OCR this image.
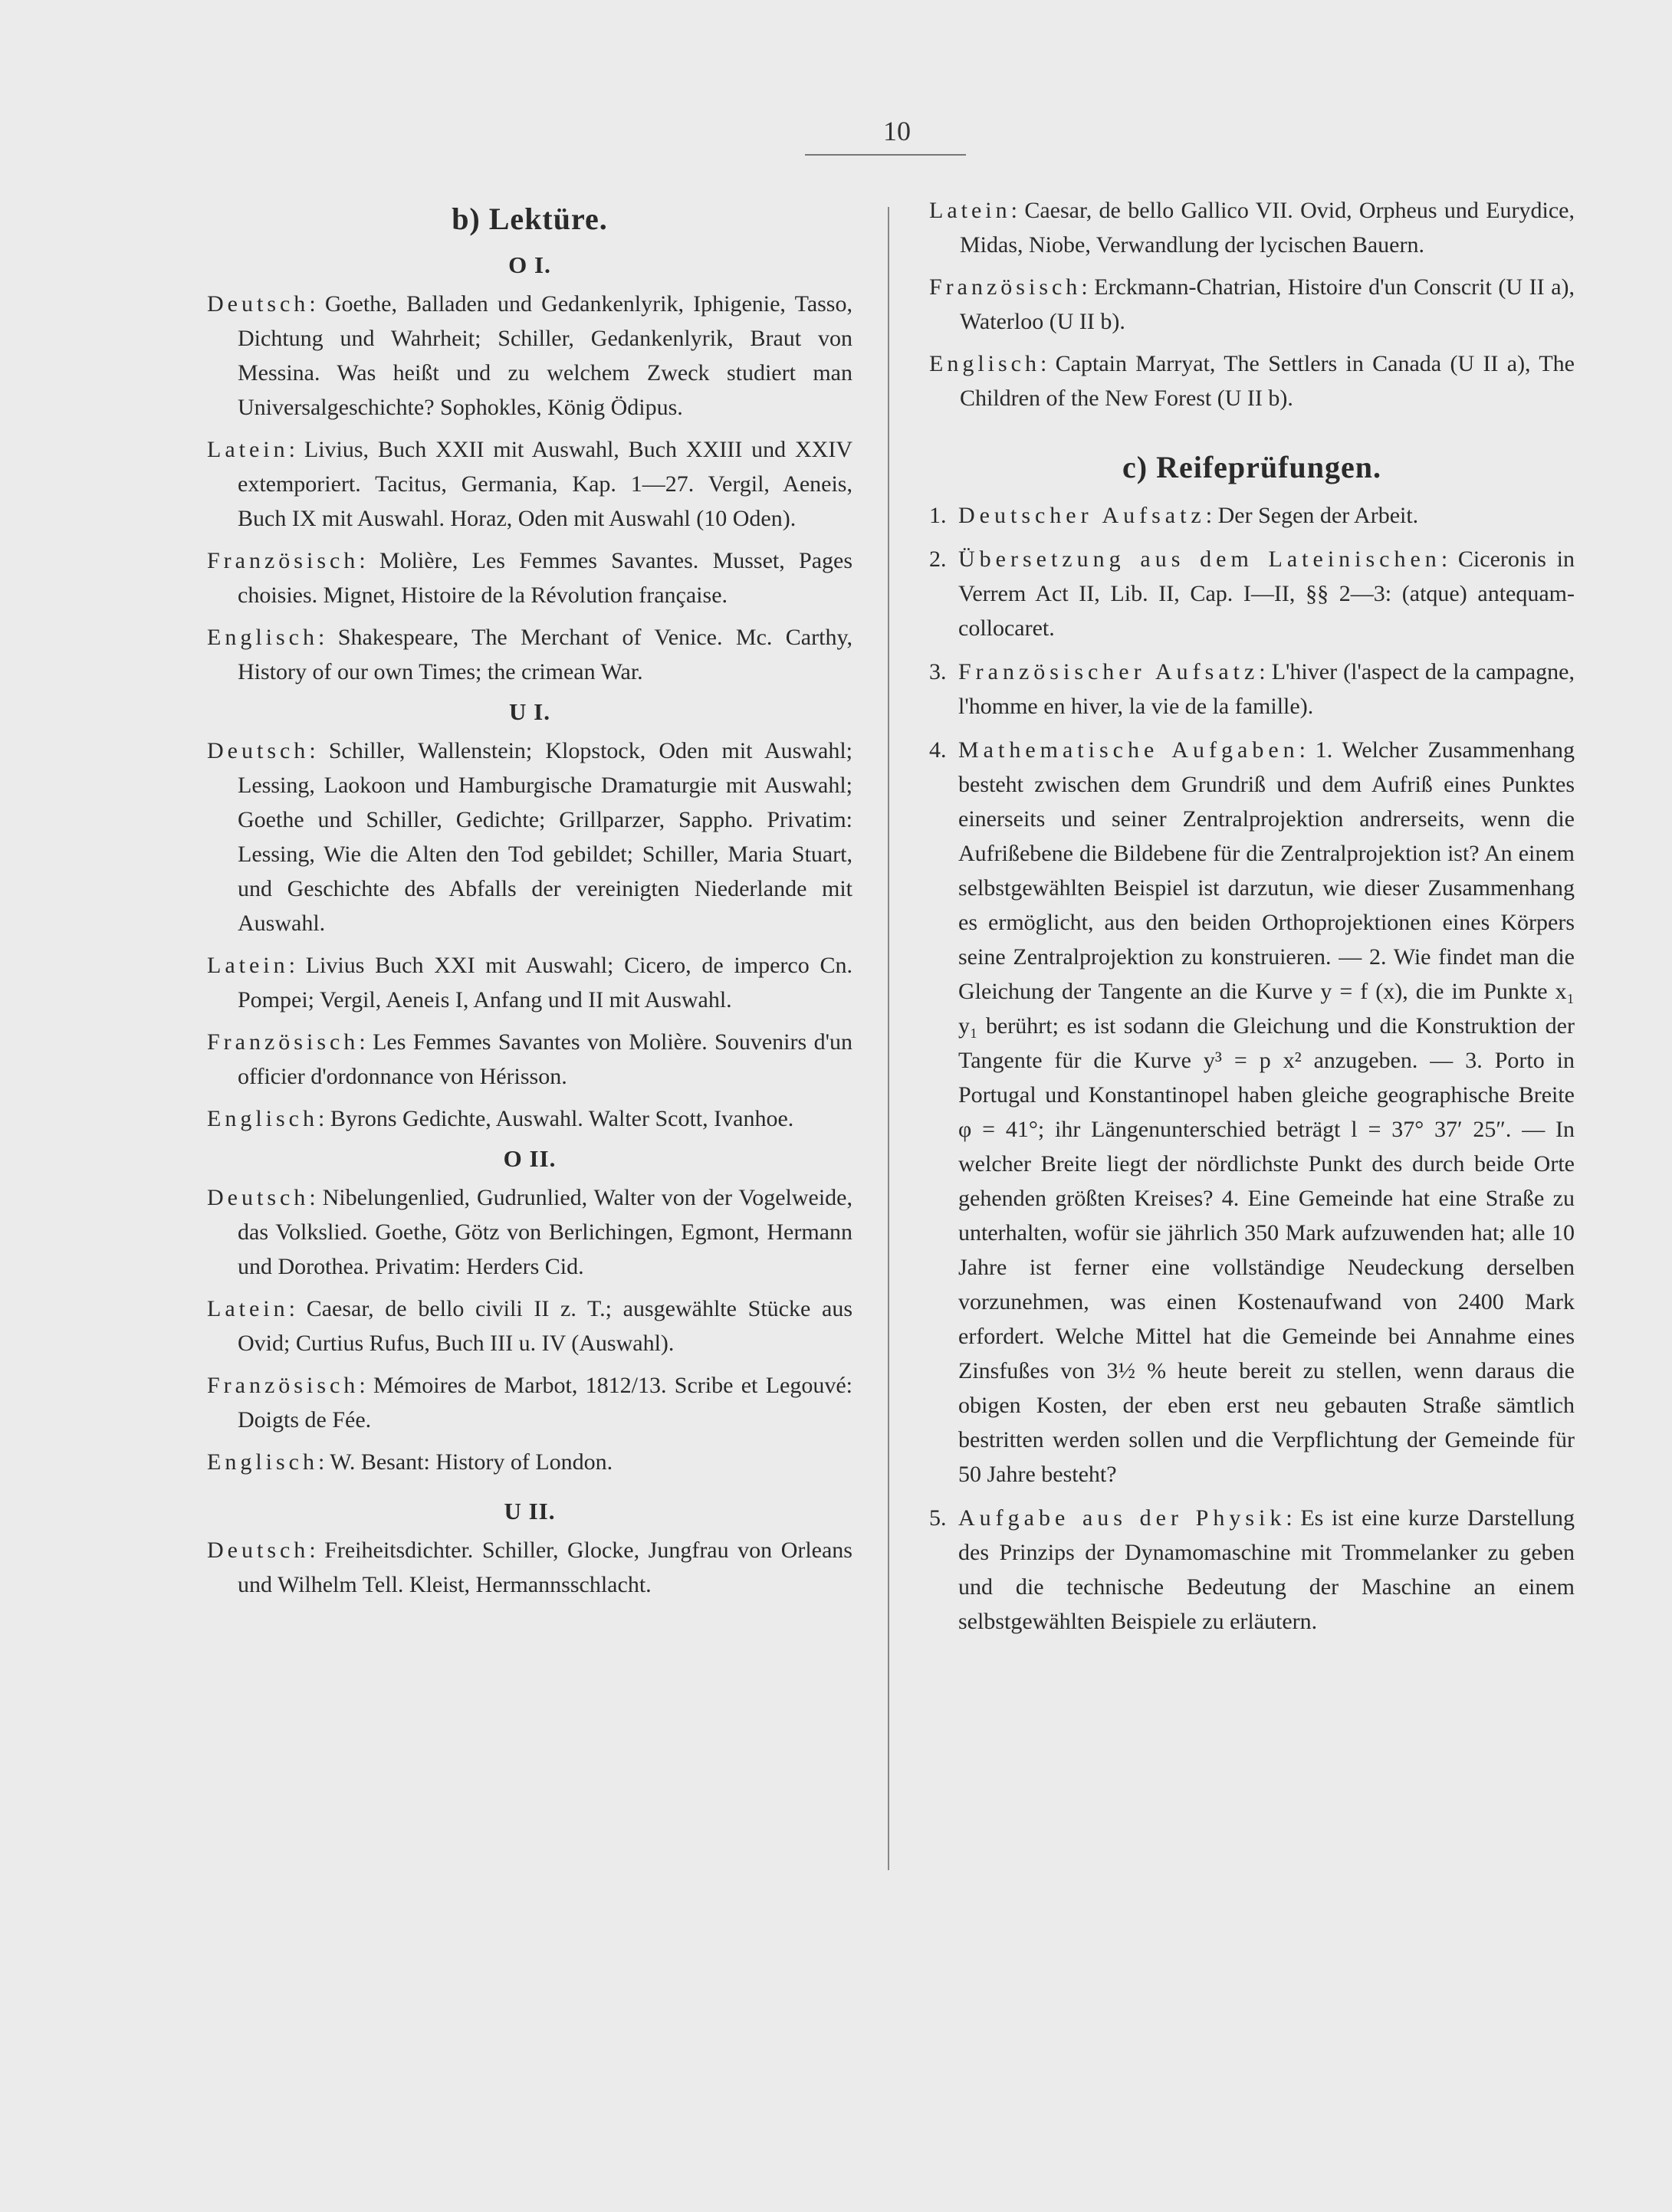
10
b) Lektüre.
O I.

Deutsch: Goethe, Balladen und Gedankenlyrik, Iphigenie, Tasso, Dichtung und Wahrheit; Schiller, Gedankenlyrik, Braut von Messina. Was heißt und zu welchem Zweck studiert man Universalgeschichte? Sophokles, König Ödipus.

Latein: Livius, Buch XXII mit Auswahl, Buch XXIII und XXIV extemporiert. Tacitus, Germania, Kap. 1—27. Vergil, Aeneis, Buch IX mit Auswahl. Horaz, Oden mit Auswahl (10 Oden).

Französisch: Molière, Les Femmes Savantes. Musset, Pages choisies. Mignet, Histoire de la Révolution française.

Englisch: Shakespeare, The Merchant of Venice. Mc. Carthy, History of our own Times; the crimean War.

U I.

Deutsch: Schiller, Wallenstein; Klopstock, Oden mit Auswahl; Lessing, Laokoon und Hamburgische Dramaturgie mit Auswahl; Goethe und Schiller, Gedichte; Grillparzer, Sappho. Privatim: Lessing, Wie die Alten den Tod gebildet; Schiller, Maria Stuart, und Geschichte des Abfalls der vereinigten Niederlande mit Auswahl.

Latein: Livius Buch XXI mit Auswahl; Cicero, de imperco Cn. Pompei; Vergil, Aeneis I, Anfang und II mit Auswahl.

Französisch: Les Femmes Savantes von Molière. Souvenirs d'un officier d'ordonnance von Hérisson.

Englisch: Byrons Gedichte, Auswahl. Walter Scott, Ivanhoe.

O II.

Deutsch: Nibelungenlied, Gudrunlied, Walter von der Vogelweide, das Volkslied. Goethe, Götz von Berlichingen, Egmont, Hermann und Dorothea. Privatim: Herders Cid.

Latein: Caesar, de bello civili II z. T.; ausgewählte Stücke aus Ovid; Curtius Rufus, Buch III u. IV (Auswahl).

Französisch: Mémoires de Marbot, 1812/13. Scribe et Legouvé: Doigts de Fée.

Englisch: W. Besant: History of London.

U II.

Deutsch: Freiheitsdichter. Schiller, Glocke, Jungfrau von Orleans und Wilhelm Tell. Kleist, Hermannsschlacht.

Latein: Caesar, de bello Gallico VII. Ovid, Orpheus und Eurydice, Midas, Niobe, Verwandlung der lycischen Bauern.

Französisch: Erckmann-Chatrian, Histoire d'un Conscrit (U II a), Waterloo (U II b).

Englisch: Captain Marryat, The Settlers in Canada (U II a), The Children of the New Forest (U II b).

c) Reifeprüfungen.
1. Deutscher Aufsatz: Der Segen der Arbeit.
2. Übersetzung aus dem Lateinischen: Ciceronis in Verrem Act II, Lib. II, Cap. I—II, §§ 2—3: (atque) antequam-collocaret.
3. Französischer Aufsatz: L'hiver (l'aspect de la campagne, l'homme en hiver, la vie de la famille).
4. Mathematische Aufgaben: 1. Welcher Zusammenhang besteht zwischen dem Grundriß und dem Aufriß eines Punktes einerseits und seiner Zentralprojektion andrerseits, wenn die Aufrißebene die Bildebene für die Zentralprojektion ist? An einem selbstgewählten Beispiel ist darzutun, wie dieser Zusammenhang es ermöglicht, aus den beiden Orthoprojektionen eines Körpers seine Zentralprojektion zu konstruieren. — 2. Wie findet man die Gleichung der Tangente an die Kurve y = f (x), die im Punkte x₁ y₁ berührt; es ist sodann die Gleichung und die Konstruktion der Tangente für die Kurve y³ = p x² anzugeben. — 3. Porto in Portugal und Konstantinopel haben gleiche geographische Breite φ = 41°; ihr Längenunterschied beträgt l = 37° 37′ 25″. — In welcher Breite liegt der nördlichste Punkt des durch beide Orte gehenden größten Kreises? 4. Eine Gemeinde hat eine Straße zu unterhalten, wofür sie jährlich 350 Mark aufzuwenden hat; alle 10 Jahre ist ferner eine vollständige Neudeckung derselben vorzunehmen, was einen Kostenaufwand von 2400 Mark erfordert. Welche Mittel hat die Gemeinde bei Annahme eines Zinsfußes von 3½ % heute bereit zu stellen, wenn daraus die obigen Kosten, der eben erst neu gebauten Straße sämtlich bestritten werden sollen und die Verpflichtung der Gemeinde für 50 Jahre besteht?
5. Aufgabe aus der Physik: Es ist eine kurze Darstellung des Prinzips der Dynamomaschine mit Trommelanker zu geben und die technische Bedeutung der Maschine an einem selbstgewählten Beispiele zu erläutern.
